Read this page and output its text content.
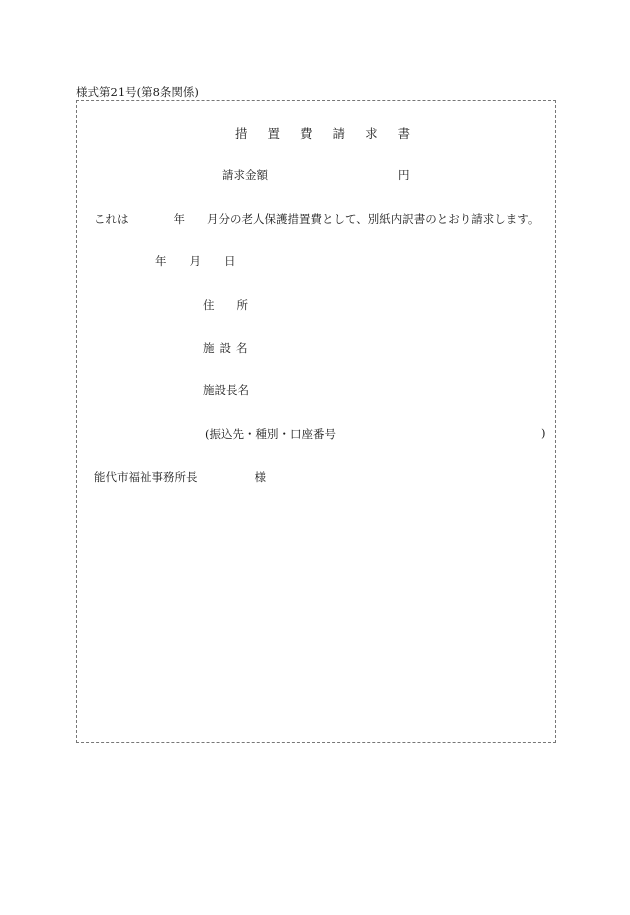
様式第21号(第8条関係)
措 置 費 請 求 書
請求金額	円
これは	年 月分の老人保護措置費として、別紙内訳書のとおり請求します。
年 月 日
住 所
施 設 名
施設長名
(振込先・種別・口座番号	)
能代市福祉事務所長	様
